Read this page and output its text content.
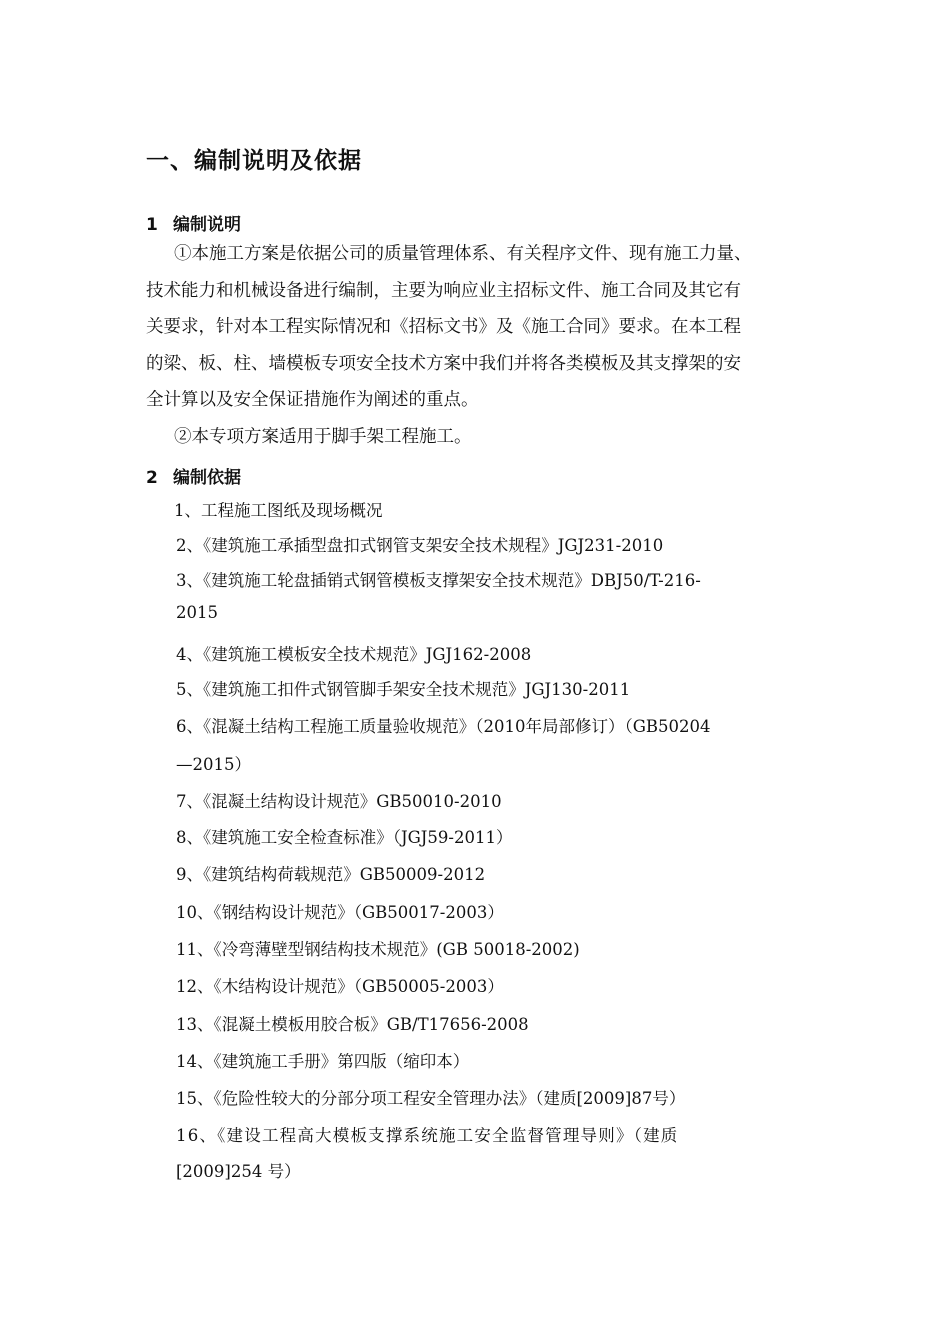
一、编制说明及依据
1 编制说明
①本施工方案是依据公司的质量管理体系、有关程序文件、现有施工力量、
技术能力和机械设备进行编制，主要为响应业主招标文件、施工合同及其它有
关要求，针对本工程实际情况和《招标文书》及《施工合同》要求。在本工程
的梁、板、柱、墙模板专项安全技术方案中我们并将各类模板及其支撑架的安
全计算以及安全保证措施作为阐述的重点。
②本专项方案适用于脚手架工程施工。
2 编制依据
1、工程施工图纸及现场概况
2、《建筑施工承插型盘扣式钢管支架安全技术规程》JGJ231-2010
3、《建筑施工轮盘插销式钢管模板支撑架安全技术规范》DBJ50/T-216-
2015
4、《建筑施工模板安全技术规范》JGJ162-2008
5、《建筑施工扣件式钢管脚手架安全技术规范》JGJ130-2011
6、《混凝土结构工程施工质量验收规范》（2010年局部修订）（GB50204
—2015）
7、《混凝土结构设计规范》GB50010-2010
8、《建筑施工安全检查标准》（JGJ59-2011）
9、《建筑结构荷载规范》GB50009-2012
10、《钢结构设计规范》（GB50017-2003）
11、《冷弯薄壁型钢结构技术规范》(GB 50018-2002)
12、《木结构设计规范》（GB50005-2003）
13、《混凝土模板用胶合板》GB/T17656-2008
14、《建筑施工手册》第四版（缩印本）
15、《危险性较大的分部分项工程安全管理办法》（建质[2009]87号）
16、《建设工程高大模板支撑系统施工安全监督管理导则》（建质
[2009]254 号）
